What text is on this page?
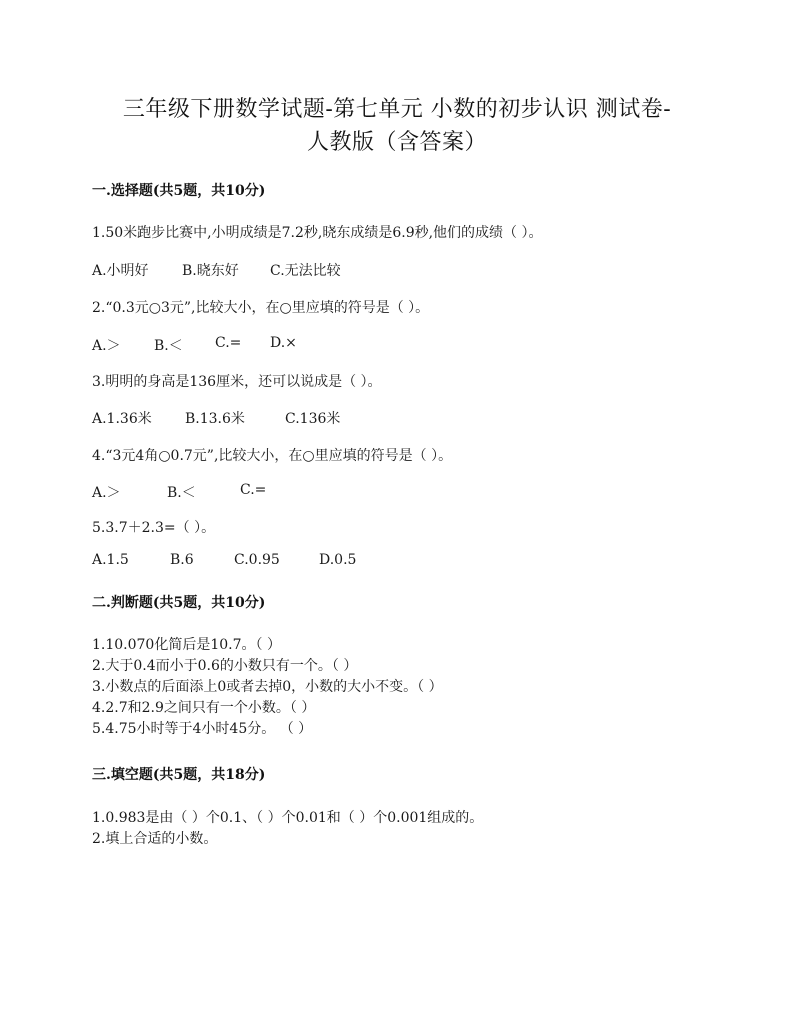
三年级下册数学试题-第七单元 小数的初步认识 测试卷-
人教版（含答案）
一.选择题(共5题，共10分)
1.50米跑步比赛中,小明成绩是7.2秒,晓东成绩是6.9秒,他们的成绩（ ）。
A.小明好 B.晓东好 C.无法比较
2.“0.3元○3元”,比较大小，在○里应填的符号是（ ）。
A.＞ B.＜ C.= D.×
3.明明的身高是136厘米，还可以说成是（ ）。
A.1.36米 B.13.6米	C.136米
4.“3元4角○0.7元”,比较大小，在○里应填的符号是（ ）。
A.＞	B.＜	C.=
5.3.7＋2.3=（ ）。
A.1.5	B.6	C.0.95	D.0.5
二.判断题(共5题，共10分)
1.10.070化简后是10.7。（ ）
2.大于0.4而小于0.6的小数只有一个。（ ）
3.小数点的后面添上0或者去掉0，小数的大小不变。（ ）
4.2.7和2.9之间只有一个小数。（ ）
5.4.75小时等于4小时45分。 （ ）
三.填空题(共5题，共18分)
1.0.983是由（ ）个0.1、（ ）个0.01和（ ）个0.001组成的。
2.填上合适的小数。
